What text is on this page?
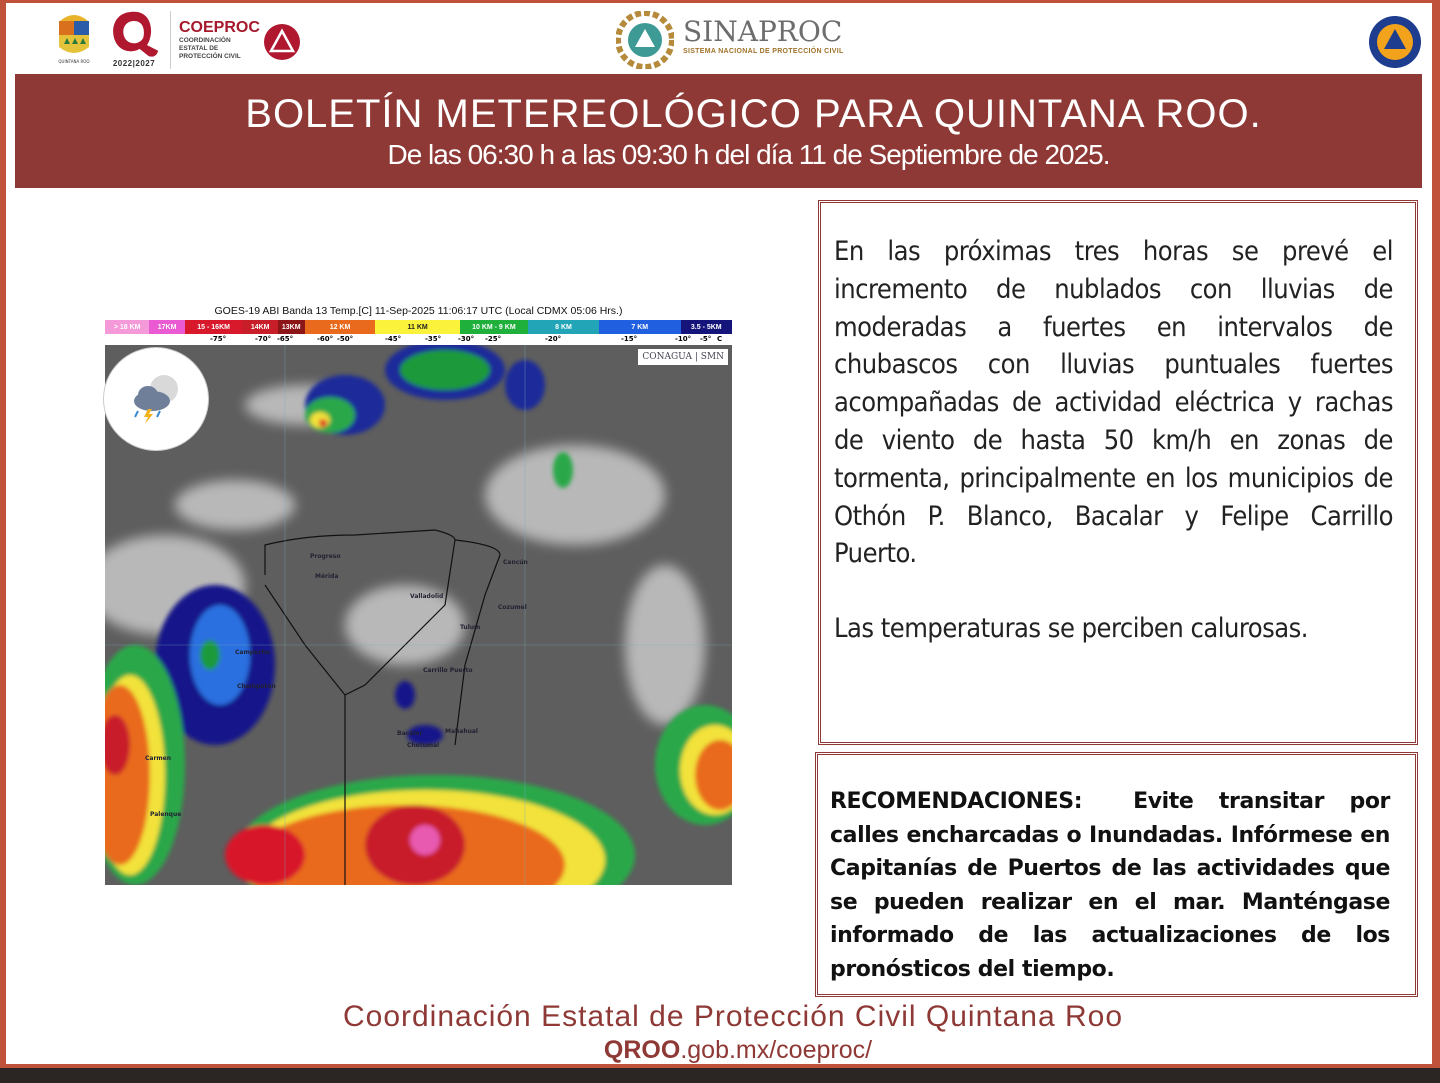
QUINTANA ROO	2022|2027
COEPROC
COORDINACIÓN
ESTATAL DE
PROTECCIÓN CIVIL
SINAPROC
SISTEMA NACIONAL DE PROTECCIÓN CIVIL
BOLETÍN METEREOLÓGICO PARA QUINTANA ROO.
De las 06:30 h a las 09:30 h del día 11 de Septiembre de 2025.
GOES-19 ABI Banda 13 Temp.[C] 11-Sep-2025 11:06:17 UTC (Local CDMX 05:06 Hrs.)
> 18 KM	17KM	15 - 16KM	14KM	13KM	12 KM	11 KM	10 KM - 9 KM	8 KM	7 KM	3.5 - 5KM
-75°	-70° -65°	-60° -50°	-45°	-35° -30° -25°	-20°	-15°	-10° -5° C
CONAGUA | SMN
Progreso
Mérida
Valladolid
Cancún
Cozumel
Tulum
Campeche
Champotón
Carrillo Puerto
Bacalar
Chetumal
Mahahual
Carmen
Palenque

En las próximas tres horas se prevé el incremento de nublados con lluvias de moderadas a fuertes en intervalos de chubascos con lluvias puntuales fuertes acompañadas de actividad eléctrica y rachas de viento de hasta 50 km/h en zonas de tormenta, principalmente en los municipios de Othón P. Blanco, Bacalar y Felipe Carrillo Puerto.

Las temperaturas se perciben calurosas.

RECOMENDACIONES: Evite transitar por calles encharcadas o Inundadas. Infórmese en Capitanías de Puertos de las actividades que se pueden realizar en el mar. Manténgase informado de las actualizaciones de los pronósticos del tiempo.

Coordinación Estatal de Protección Civil Quintana Roo
QROO.gob.mx/coeproc/
